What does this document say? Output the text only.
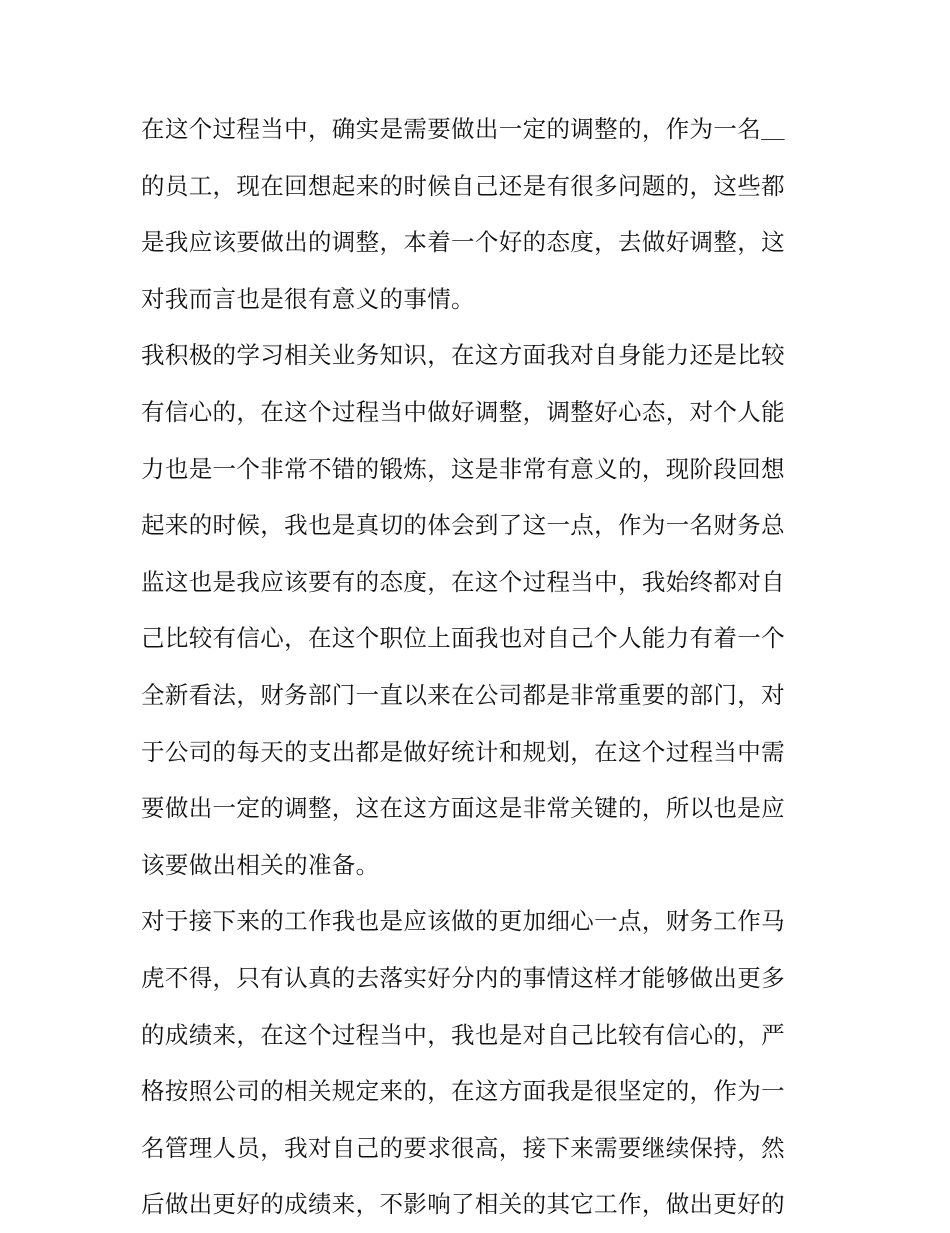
在这个过程当中，确实是需要做出一定的调整的，作为一名＿
的员工，现在回想起来的时候自己还是有很多问题的，这些都
是我应该要做出的调整，本着一个好的态度，去做好调整，这
对我而言也是很有意义的事情。
我积极的学习相关业务知识，在这方面我对自身能力还是比较
有信心的，在这个过程当中做好调整，调整好心态，对个人能
力也是一个非常不错的锻炼，这是非常有意义的，现阶段回想
起来的时候，我也是真切的体会到了这一点，作为一名财务总
监这也是我应该要有的态度，在这个过程当中，我始终都对自
己比较有信心，在这个职位上面我也对自己个人能力有着一个
全新看法，财务部门一直以来在公司都是非常重要的部门，对
于公司的每天的支出都是做好统计和规划，在这个过程当中需
要做出一定的调整，这在这方面这是非常关键的，所以也是应
该要做出相关的准备。
对于接下来的工作我也是应该做的更加细心一点，财务工作马
虎不得，只有认真的去落实好分内的事情这样才能够做出更多
的成绩来，在这个过程当中，我也是对自己比较有信心的，严
格按照公司的相关规定来的，在这方面我是很坚定的，作为一
名管理人员，我对自己的要求很高，接下来需要继续保持，然
后做出更好的成绩来，不影响了相关的其它工作，做出更好的
